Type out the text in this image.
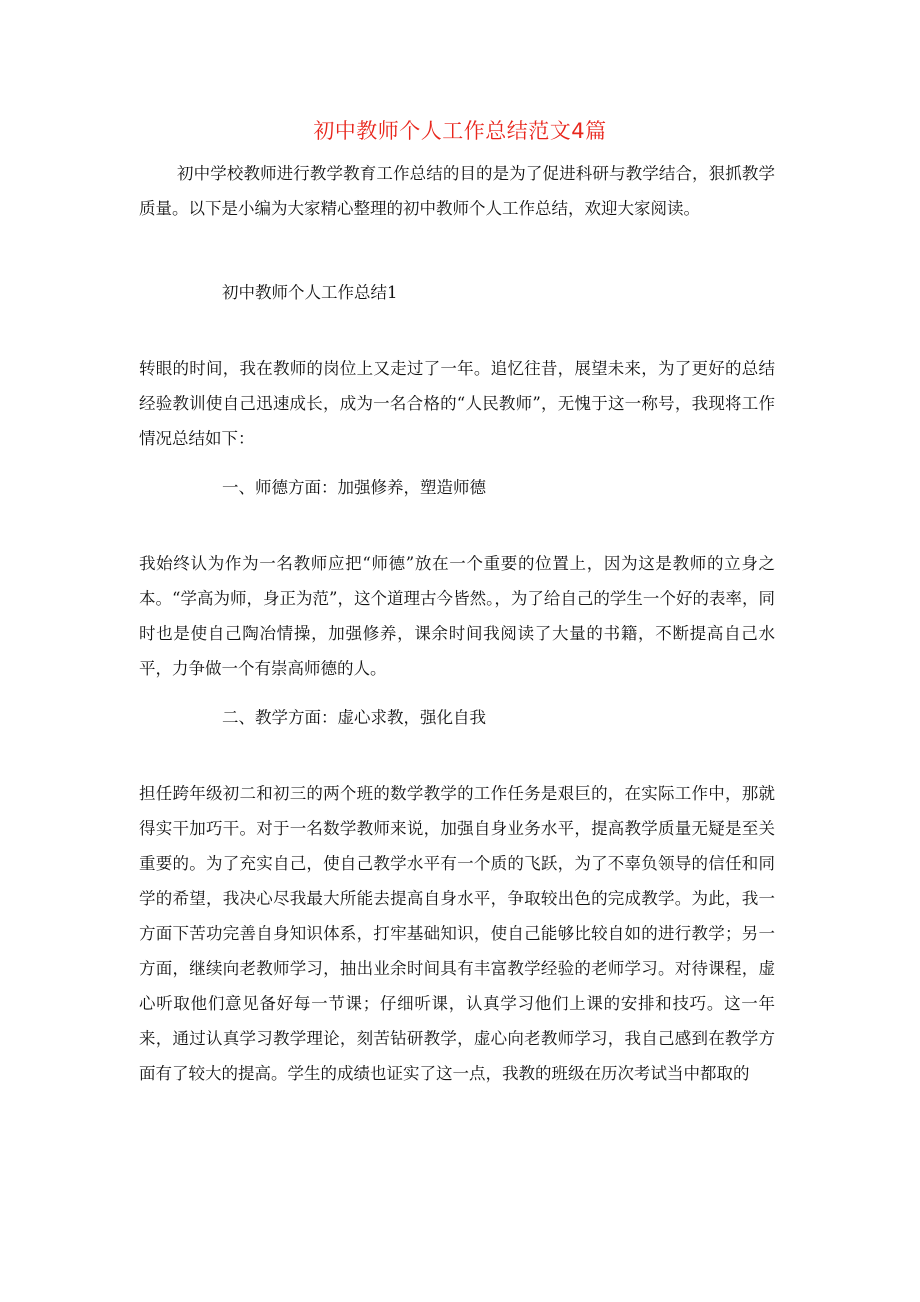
初中教师个人工作总结范文4篇

初中学校教师进行教学教育工作总结的目的是为了促进科研与教学结合，狠抓教学质量。以下是小编为大家精心整理的初中教师个人工作总结，欢迎大家阅读。

初中教师个人工作总结1

转眼的时间，我在教师的岗位上又走过了一年。追忆往昔，展望未来，为了更好的总结经验教训使自己迅速成长，成为一名合格的“人民教师”，无愧于这一称号，我现将工作情况总结如下：

一、师德方面：加强修养，塑造师德

我始终认为作为一名教师应把“师德”放在一个重要的位置上，因为这是教师的立身之本。“学高为师，身正为范”，这个道理古今皆然。，为了给自己的学生一个好的表率，同时也是使自己陶冶情操，加强修养，课余时间我阅读了大量的书籍，不断提高自己水平，力争做一个有崇高师德的人。

二、教学方面：虚心求教，强化自我

担任跨年级初二和初三的两个班的数学教学的工作任务是艰巨的，在实际工作中，那就得实干加巧干。对于一名数学教师来说，加强自身业务水平，提高教学质量无疑是至关重要的。为了充实自己，使自己教学水平有一个质的飞跃，为了不辜负领导的信任和同学的希望，我决心尽我最大所能去提高自身水平，争取较出色的完成教学。为此，我一方面下苦功完善自身知识体系，打牢基础知识，使自己能够比较自如的进行教学；另一方面，继续向老教师学习，抽出业余时间具有丰富教学经验的老师学习。对待课程，虚心听取他们意见备好每一节课；仔细听课，认真学习他们上课的安排和技巧。这一年来，通过认真学习教学理论，刻苦钻研教学，虚心向老教师学习，我自己感到在教学方面有了较大的提高。学生的成绩也证实了这一点，我教的班级在历次考试当中都取的
